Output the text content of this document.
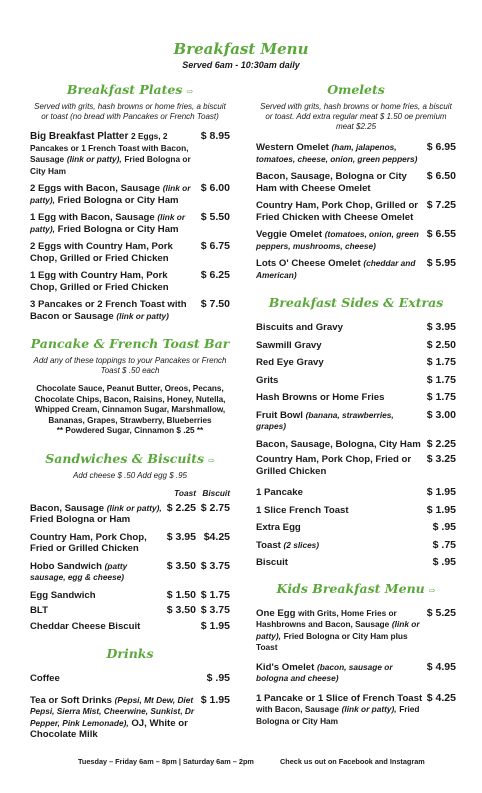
Breakfast Menu
Served 6am - 10:30am daily
Breakfast Plates ⇨
Served with grits, hash browns or home fries, a biscuit or toast (no bread with Pancakes or French Toast)
Big Breakfast Platter 2 Eggs, 2 Pancakes or 1 French Toast with Bacon, Sausage (link or patty), Fried Bologna or City Ham
$ 8.95
2 Eggs with Bacon, Sausage (link or patty), Fried Bologna or City Ham
$ 6.00
1 Egg with Bacon, Sausage (link or patty), Fried Bologna or City Ham
$ 5.50
2 Eggs with Country Ham, Pork Chop, Grilled or Fried Chicken
$ 6.75
1 Egg with Country Ham, Pork Chop, Grilled or Fried Chicken
$ 6.25
3 Pancakes or 2 French Toast with Bacon or Sausage (link or patty)
$ 7.50
Pancake & French Toast Bar
Add any of these toppings to your Pancakes or French Toast $ .50 each
Chocolate Sauce, Peanut Butter, Oreos, Pecans, Chocolate Chips, Bacon, Raisins, Honey, Nutella, Whipped Cream, Cinnamon Sugar, Marshmallow, Bananas, Grapes, Strawberry, Blueberries
** Powdered Sugar, Cinnamon $ .25 **
Sandwiches & Biscuits ⇨
Add cheese $ .50 Add egg $ .95
Toast Biscuit
Bacon, Sausage (link or patty), Fried Bologna or Ham
$ 2.25 $ 2.75
Country Ham, Pork Chop, Fried or Grilled Chicken
$ 3.95 $4.25
Hobo Sandwich (patty sausage, egg & cheese)
$ 3.50 $ 3.75
Egg Sandwich	$ 1.50 $ 1.75
BLT	$ 3.50 $ 3.75
Cheddar Cheese Biscuit	$ 1.95
Drinks
Coffee	$ .95
Tea or Soft Drinks (Pepsi, Mt Dew, Diet Pepsi, Sierra Mist, Cheerwine, Sunkist, Dr Pepper, Pink Lemonade), OJ, White or Chocolate Milk
$ 1.95
Omelets
Served with grits, hash browns or home fries, a biscuit or toast. Add extra regular meat $ 1.50 oe premium meat $2.25
Western Omelet (ham, jalapenos, tomatoes, cheese, onion, green peppers)
$ 6.95
Bacon, Sausage, Bologna or City Ham with Cheese Omelet
$ 6.50
Country Ham, Pork Chop, Grilled or Fried Chicken with Cheese Omelet
$ 7.25
Veggie Omelet (tomatoes, onion, green peppers, mushrooms, cheese)
$ 6.55
Lots O' Cheese Omelet (cheddar and American)
$ 5.95
Breakfast Sides & Extras
Biscuits and Gravy	$ 3.95
Sawmill Gravy	$ 2.50
Red Eye Gravy	$ 1.75
Grits	$ 1.75
Hash Browns or Home Fries	$ 1.75
Fruit Bowl (banana, strawberries, grapes)
$ 3.00
Bacon, Sausage, Bologna, City Ham $ 2.25
Country Ham, Pork Chop, Fried or Grilled Chicken
$ 3.25
1 Pancake	$ 1.95
1 Slice French Toast	$ 1.95
Extra Egg	$ .95
Toast (2 slices)	$ .75
Biscuit	$ .95
Kids Breakfast Menu ⇨
One Egg with Grits, Home Fries or Hashbrowns and Bacon, Sausage (link or patty), Fried Bologna or City Ham plus Toast
$ 5.25
Kid's Omelet (bacon, sausage or bologna and cheese)
$ 4.95
1 Pancake or 1 Slice of French Toast with Bacon, Sausage (link or patty), Fried Bologna or City Ham
$ 4.25
Tuesday – Friday 6am – 8pm | Saturday 6am – 2pm	Check us out on Facebook and Instagram
